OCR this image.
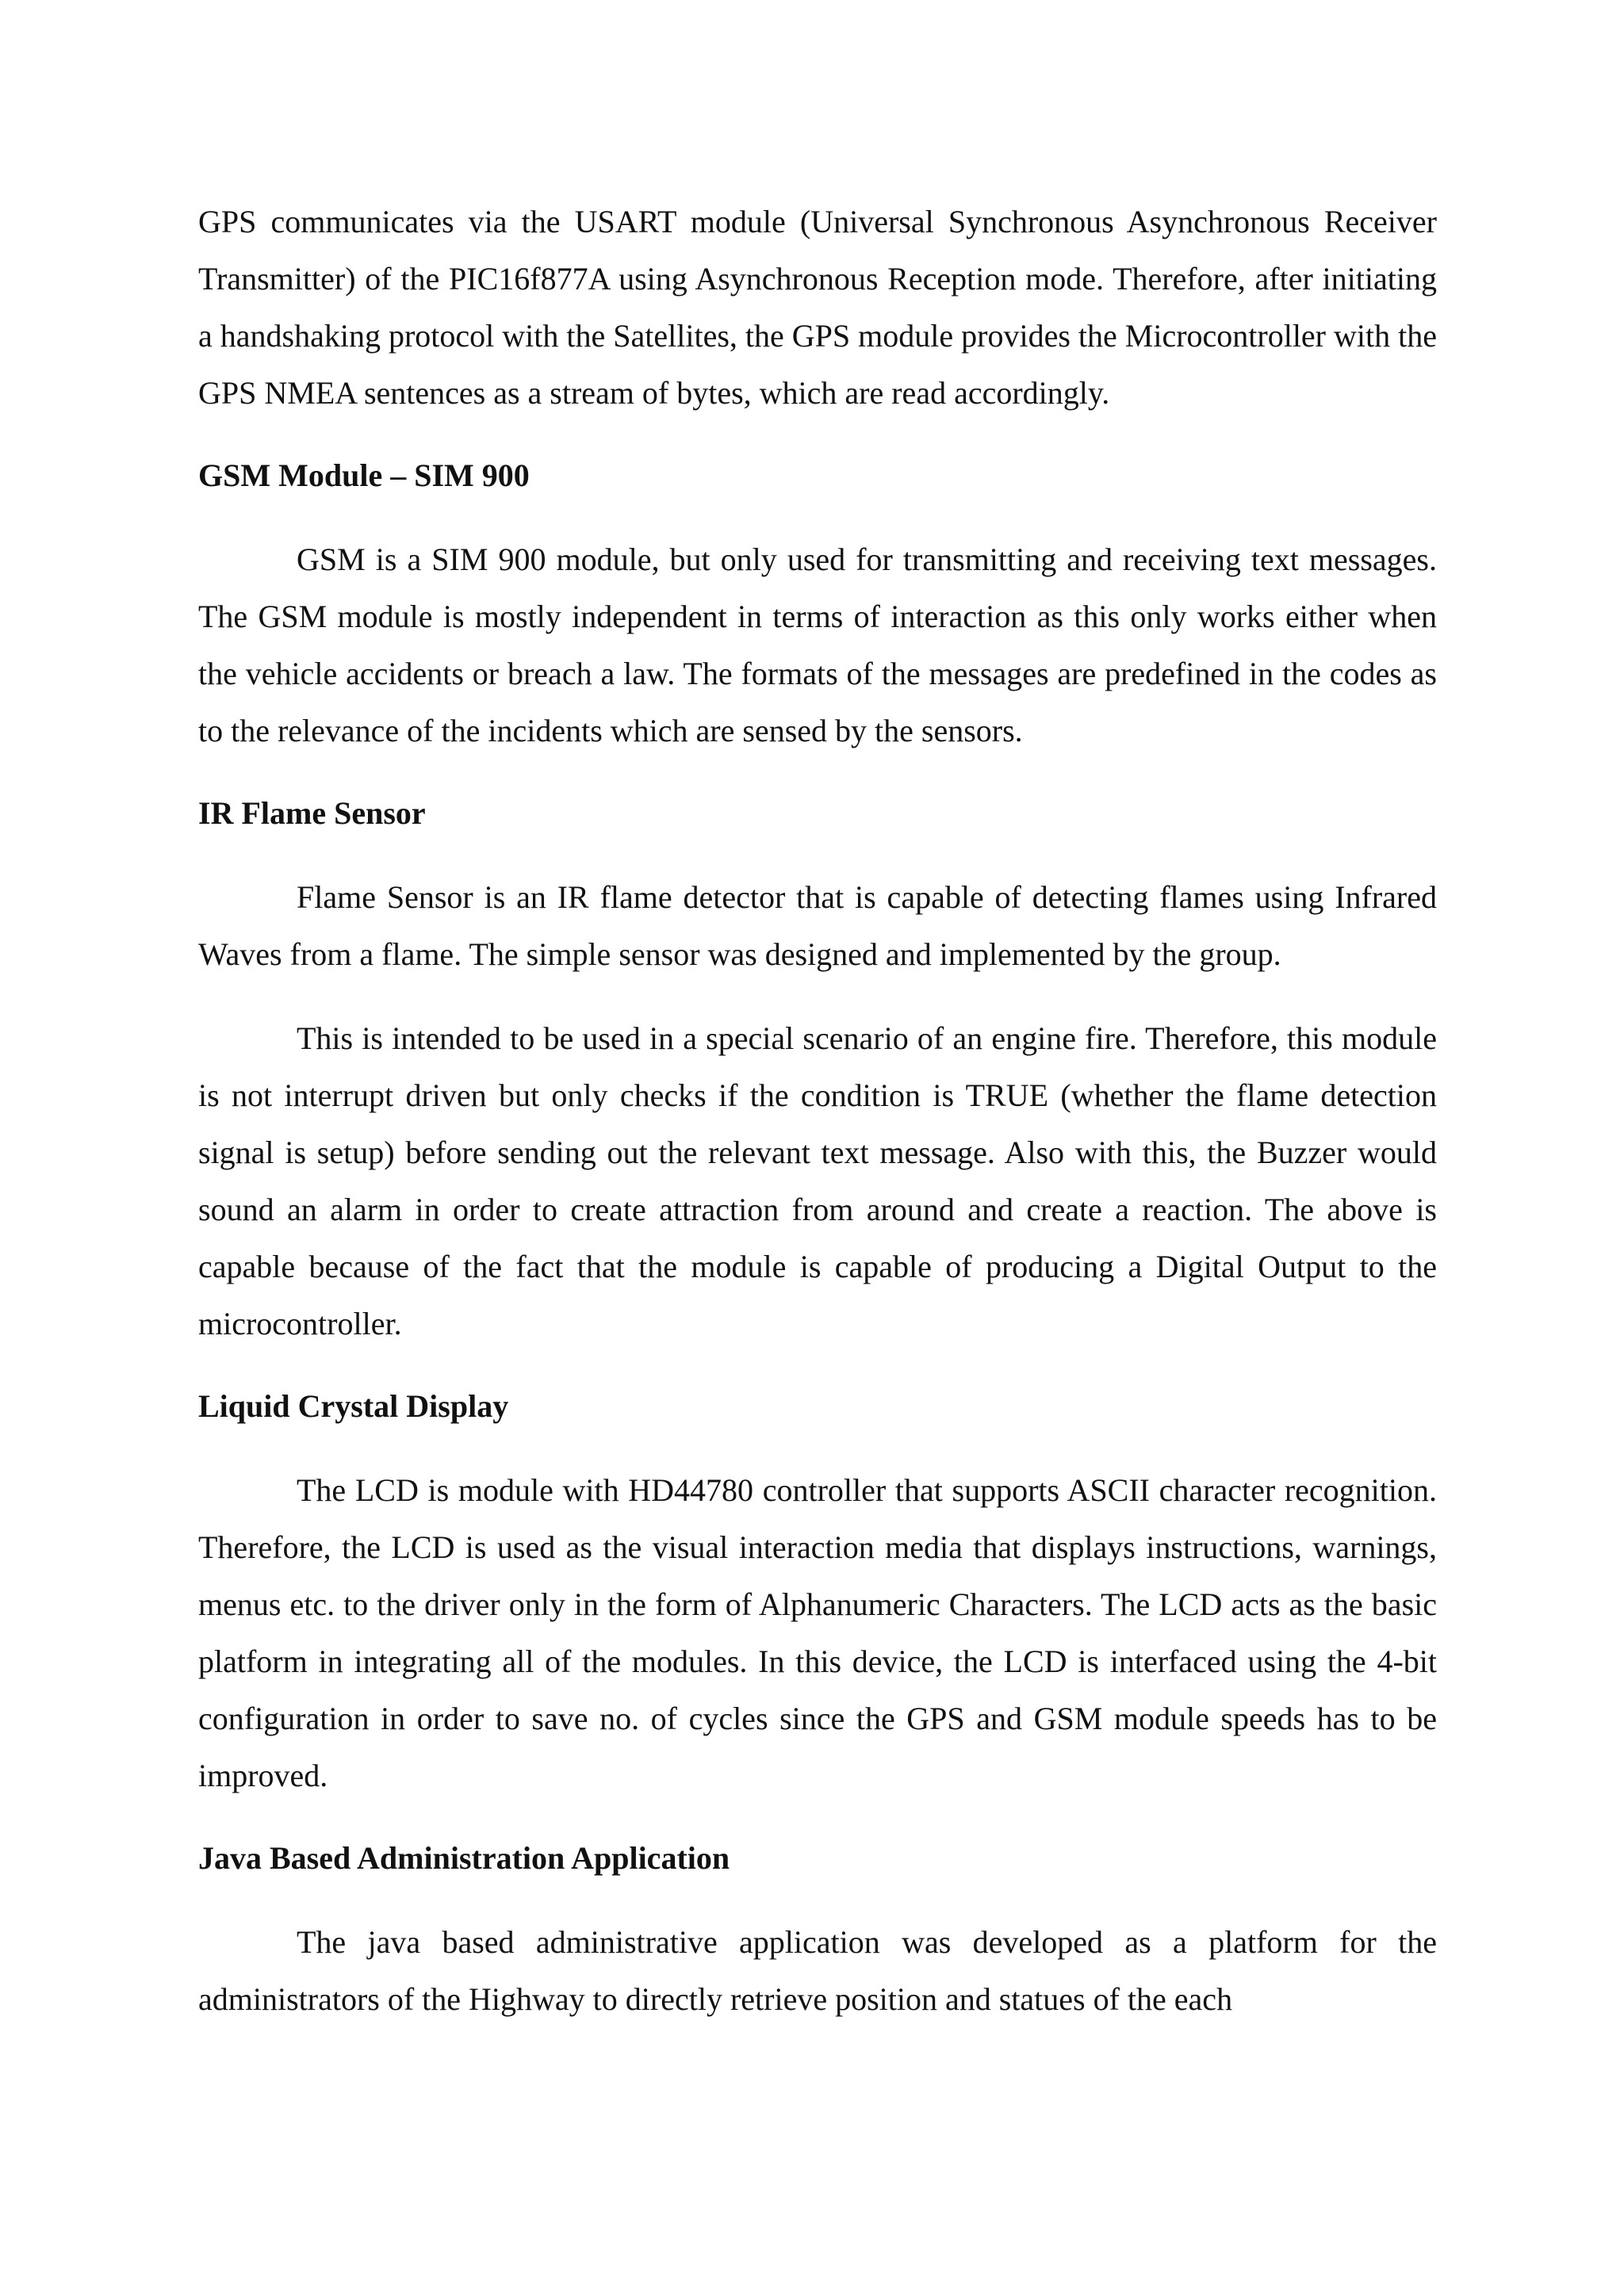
GPS communicates via the USART module (Universal Synchronous Asynchronous Receiver Transmitter) of the PIC16f877A using Asynchronous Reception mode. Therefore, after initiating a handshaking protocol with the Satellites, the GPS module provides the Microcontroller with the GPS NMEA sentences as a stream of bytes, which are read accordingly.

GSM Module – SIM 900

GSM is a SIM 900 module, but only used for transmitting and receiving text messages. The GSM module is mostly independent in terms of interaction as this only works either when the vehicle accidents or breach a law. The formats of the messages are predefined in the codes as to the relevance of the incidents which are sensed by the sensors.

IR Flame Sensor

Flame Sensor is an IR flame detector that is capable of detecting flames using Infrared Waves from a flame. The simple sensor was designed and implemented by the group.

This is intended to be used in a special scenario of an engine fire. Therefore, this module is not interrupt driven but only checks if the condition is TRUE (whether the flame detection signal is setup) before sending out the relevant text message. Also with this, the Buzzer would sound an alarm in order to create attraction from around and create a reaction. The above is capable because of the fact that the module is capable of producing a Digital Output to the microcontroller.

Liquid Crystal Display

The LCD is module with HD44780 controller that supports ASCII character recognition. Therefore, the LCD is used as the visual interaction media that displays instructions, warnings, menus etc. to the driver only in the form of Alphanumeric Characters. The LCD acts as the basic platform in integrating all of the modules. In this device, the LCD is interfaced using the 4-bit configuration in order to save no. of cycles since the GPS and GSM module speeds has to be improved.

Java Based Administration Application

The java based administrative application was developed as a platform for the administrators of the Highway to directly retrieve position and statues of the each
